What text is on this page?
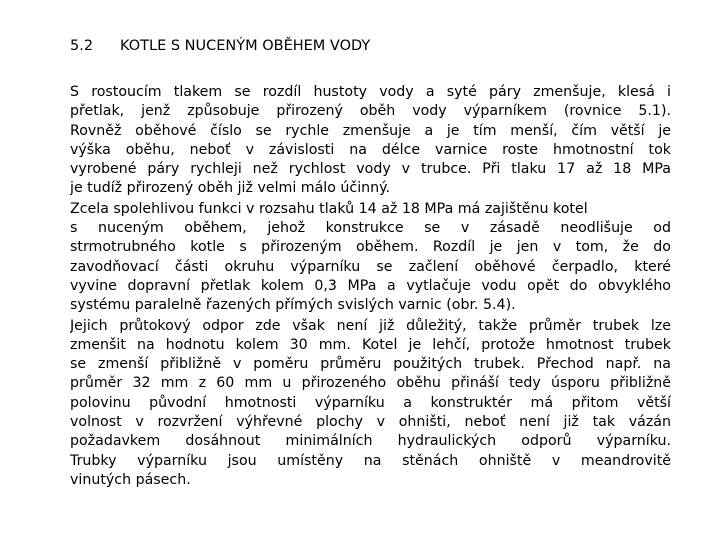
5.2 KOTLE S NUCENÝM OBĚHEM VODY
S rostoucím tlakem se rozdíl hustoty vody a syté páry zmenšuje, klesá i
přetlak, jenž způsobuje přirozený oběh vody výparníkem (rovnice 5.1).
Rovněž oběhové číslo se rychle zmenšuje a je tím menší, čím větší je
výška oběhu, neboť v závislosti na délce varnice roste hmotnostní tok
vyrobené páry rychleji než rychlost vody v trubce. Při tlaku 17 až 18 MPa
je tudíž přirozený oběh již velmi málo účinný.
Zcela spolehlivou funkci v rozsahu tlaků 14 až 18 MPa má zajištěnu kotel
s nuceným oběhem, jehož konstrukce se v zásadě neodlišuje od
strmotrubného kotle s přirozeným oběhem. Rozdíl je jen v tom, že do
zavodňovací části okruhu výparníku se začlení oběhové čerpadlo, které
vyvine dopravní přetlak kolem 0,3 MPa a vytlačuje vodu opět do obvyklého
systému paralelně řazených přímých svislých varnic (obr. 5.4).
Jejich průtokový odpor zde však není již důležitý, takže průměr trubek lze
zmenšit na hodnotu kolem 30 mm. Kotel je lehčí, protože hmotnost trubek
se zmenší přibližně v poměru průměru použitých trubek. Přechod např. na
průměr 32 mm z 60 mm u přirozeného oběhu přináší tedy úsporu přibližně
polovinu původní hmotnosti výparníku a konstruktér má přitom větší
volnost v rozvržení výhřevné plochy v ohništi, neboť není již tak vázán
požadavkem dosáhnout minimálních hydraulických odporů výparníku.
Trubky výparníku jsou umístěny na stěnách ohniště v meandrovitě
vinutých pásech.
